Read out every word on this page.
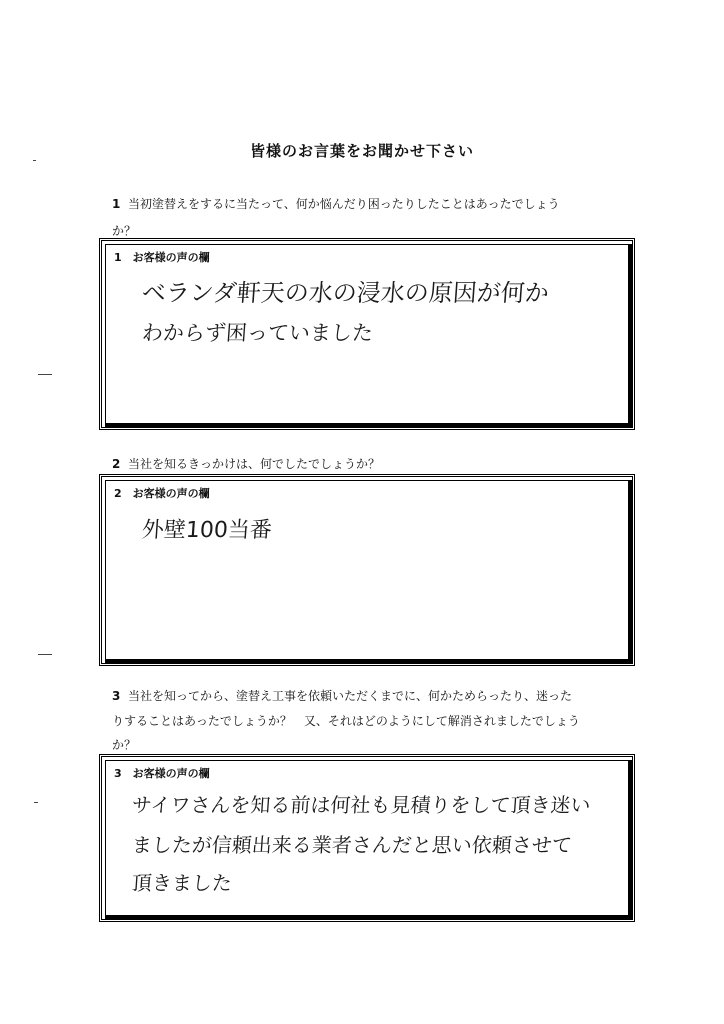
皆様のお言葉をお聞かせ下さい
1 当初塗替えをするに当たって、何か悩んだり困ったりしたことはあったでしょう
か？
1　お客様の声の欄
ベランダ軒天の水の浸水の原因が何か
わからず困っていました
2 当社を知るきっかけは、何でしたでしょうか？
2　お客様の声の欄
外壁100当番
3 当社を知ってから、塗替え工事を依頼いただくまでに、何かためらったり、迷った
りすることはあったでしょうか？　又、それはどのようにして解消されましたでしょう
か？
3　お客様の声の欄
サイワさんを知る前は何社も見積りをして頂き迷い
ましたが信頼出来る業者さんだと思い依頼させて
頂きました
